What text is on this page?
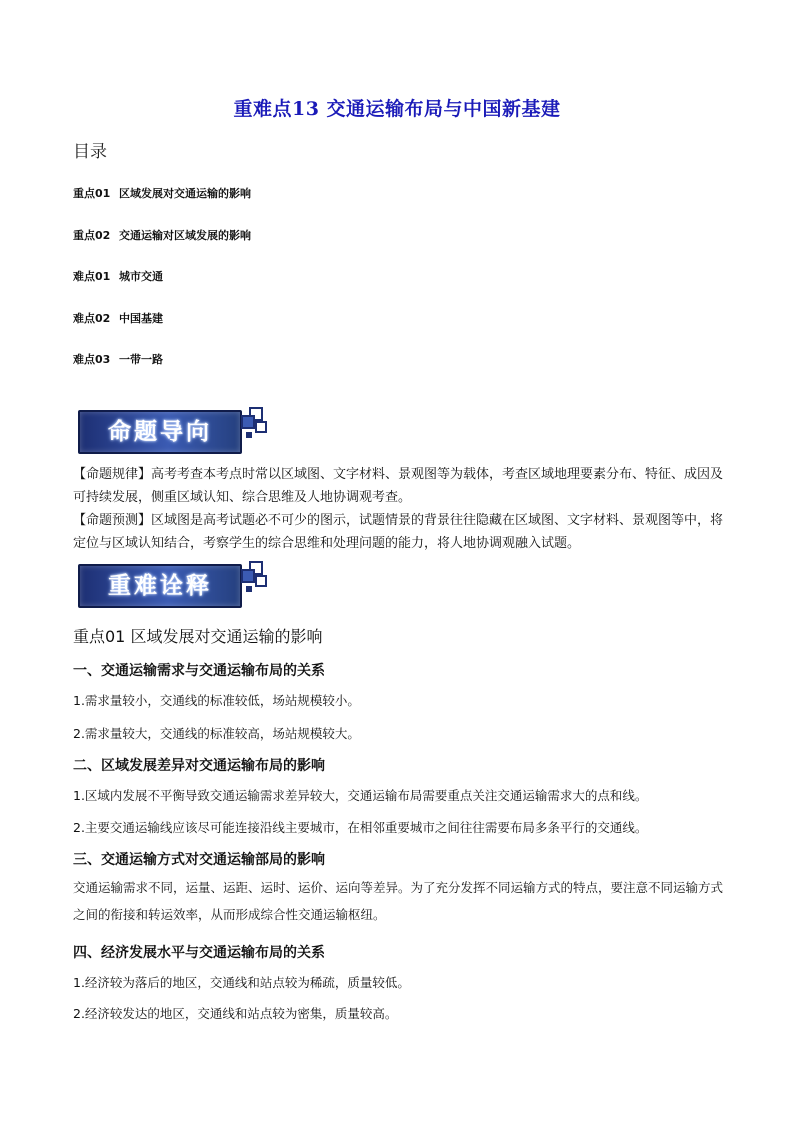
重难点13 交通运输布局与中国新基建
目录
重点01 区域发展对交通运输的影响
重点02 交通运输对区域发展的影响
难点01 城市交通
难点02 中国基建
难点03 一带一路
命题导向
【命题规律】高考考查本考点时常以区域图、文字材料、景观图等为载体，考查区域地理要素分布、特征、成因及可持续发展，侧重区域认知、综合思维及人地协调观考查。
【命题预测】区域图是高考试题必不可少的图示，试题情景的背景往往隐藏在区域图、文字材料、景观图等中，将定位与区域认知结合，考察学生的综合思维和处理问题的能力，将人地协调观融入试题。
重难诠释
重点01 区域发展对交通运输的影响
一、交通运输需求与交通运输布局的关系
1.需求量较小，交通线的标准较低，场站规模较小。
2.需求量较大，交通线的标准较高，场站规模较大。
二、区域发展差异对交通运输布局的影响
1.区域内发展不平衡导致交通运输需求差异较大，交通运输布局需要重点关注交通运输需求大的点和线。
2.主要交通运输线应该尽可能连接沿线主要城市，在相邻重要城市之间往往需要布局多条平行的交通线。
三、交通运输方式对交通运输部局的影响
交通运输需求不同，运量、运距、运时、运价、运向等差异。为了充分发挥不同运输方式的特点，要注意不同运输方式之间的衔接和转运效率，从而形成综合性交通运输枢纽。
四、经济发展水平与交通运输布局的关系
1.经济较为落后的地区，交通线和站点较为稀疏，质量较低。
2.经济较发达的地区，交通线和站点较为密集，质量较高。
